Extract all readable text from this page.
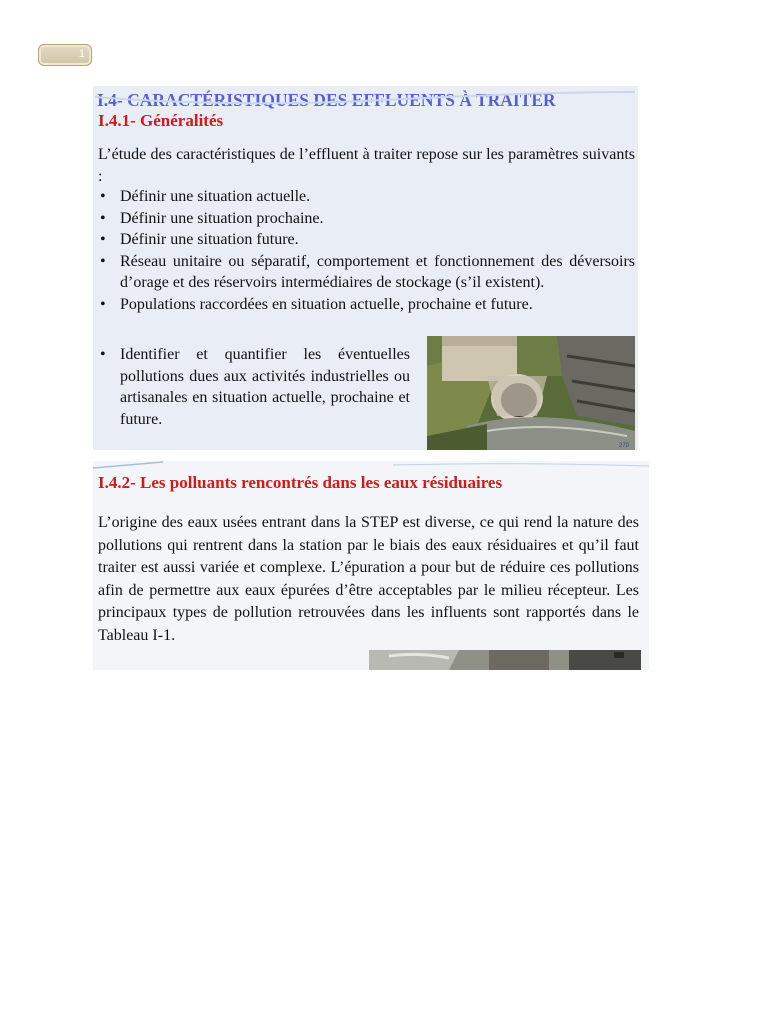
1
I.4- CARACTÉRISTIQUES DES EFFLUENTS À TRAITER
I.4.1- Généralités

L’étude des caractéristiques de l’effluent à traiter repose sur les paramètres suivants :

• Définir une situation actuelle.
• Définir une situation prochaine.
• Définir une situation future.
• Réseau unitaire ou séparatif, comportement et fonctionnement des déversoirs d’orage et des réservoirs intermédiaires de stockage (s’il existent).
• Populations raccordées en situation actuelle, prochaine et future.

• Identifier et quantifier les éventuelles pollutions dues aux activités industrielles ou artisanales en situation actuelle, prochaine et future.

270
I.4.2- Les polluants rencontrés dans les eaux résiduaires

L’origine des eaux usées entrant dans la STEP est diverse, ce qui rend la nature des pollutions qui rentrent dans la station par le biais des eaux résiduaires et qu’il faut traiter est aussi variée et complexe. L’épuration a pour but de réduire ces pollutions afin de permettre aux eaux épurées d’être acceptables par le milieu récepteur. Les principaux types de pollution retrouvées dans les influents sont rapportés dans le Tableau I-1.
